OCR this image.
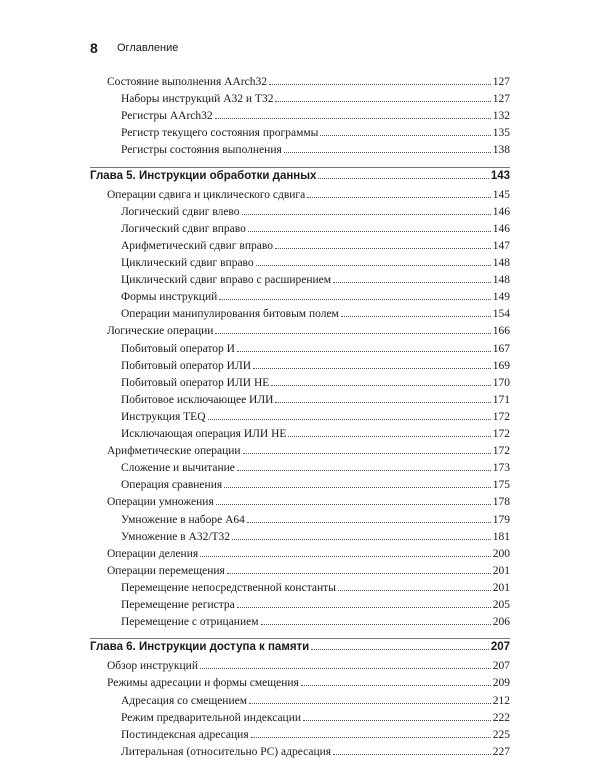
8 Оглавление
Состояние выполнения AArch32	127
Наборы инструкций A32 и T32	127
Регистры AArch32	132
Регистр текущего состояния программы	135
Регистры состояния выполнения	138
Глава 5. Инструкции обработки данных	143
Операции сдвига и циклического сдвига	145
Логический сдвиг влево	146
Логический сдвиг вправо	146
Арифметический сдвиг вправо	147
Циклический сдвиг вправо	148
Циклический сдвиг вправо с расширением	148
Формы инструкций	149
Операции манипулирования битовым полем	154
Логические операции	166
Побитовый оператор И	167
Побитовый оператор ИЛИ	169
Побитовый оператор ИЛИ НЕ	170
Побитовое исключающее ИЛИ	171
Инструкция TEQ	172
Исключающая операция ИЛИ НЕ	172
Арифметические операции	172
Сложение и вычитание	173
Операция сравнения	175
Операции умножения	178
Умножение в наборе A64	179
Умножение в A32/T32	181
Операции деления	200
Операции перемещения	201
Перемещение непосредственной константы	201
Перемещение регистра	205
Перемещение с отрицанием	206
Глава 6. Инструкции доступа к памяти	207
Обзор инструкций	207
Режимы адресации и формы смещения	209
Адресация со смещением	212
Режим предварительной индексации	222
Постиндексная адресация	225
Литеральная (относительно PC) адресация	227
